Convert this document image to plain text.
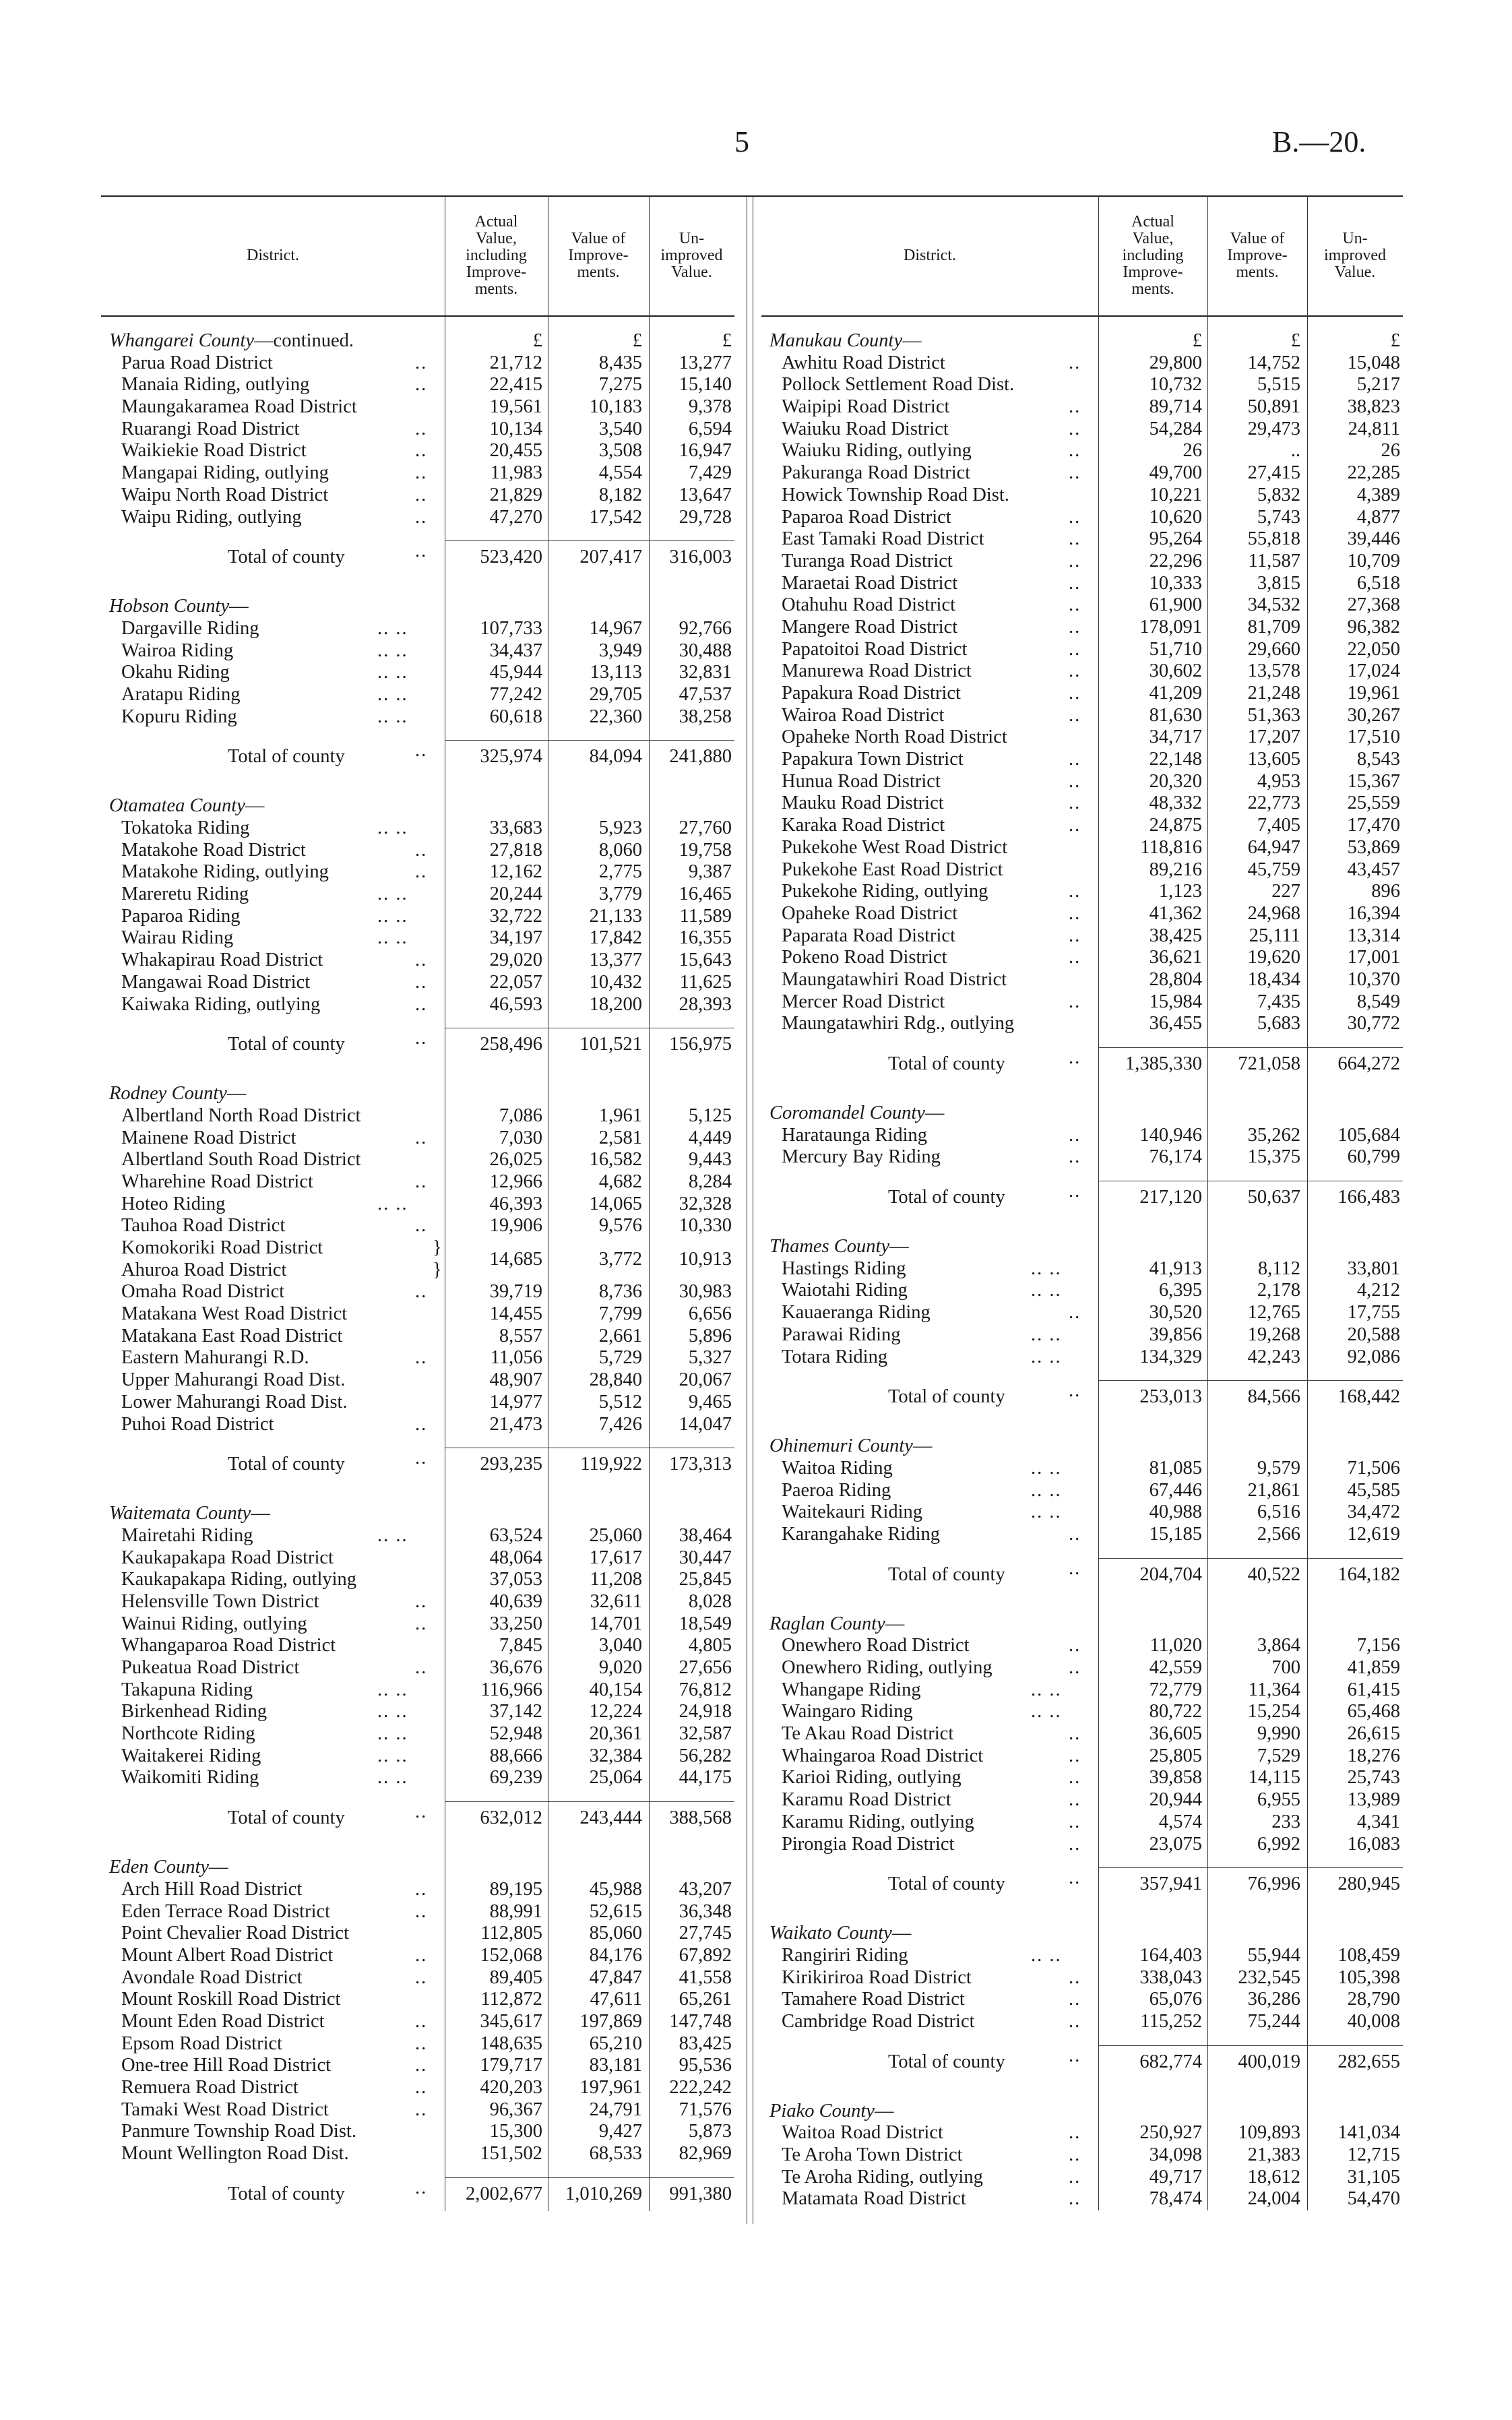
5	B.—20.
District.
Actual
Value,
including
Improve-
ments.
Value of
Improve-
ments.
Un-
improved
Value.
Whangarei County—continued.	£	£	£
Parua Road District	..	21,712	8,435 13,277
Manaia Riding, outlying	..	22,415	7,275 15,140
Maungakaramea Road District	19,561 10,183 9,378
Ruarangi Road District	..	10,134	3,540 6,594
Waikiekie Road District	..	20,455	3,508 16,947
Mangapai Riding, outlying	..	11,983	4,554 7,429
Waipu North Road District	..	21,829	8,182 13,647
Waipu Riding, outlying	..	47,270 17,542 29,728
Total of county	..	523,420 207,417 316,003
Hobson County—
Dargaville Riding	.. ..	107,733 14,967 92,766
Wairoa Riding	.. ..	34,437	3,949 30,488
Okahu Riding	.. ..	45,944 13,113 32,831
Aratapu Riding	.. ..	77,242 29,705 47,537
Kopuru Riding	.. ..	60,618 22,360 38,258
Total of county	..	325,974 84,094 241,880
Otamatea County—
Tokatoka Riding	.. ..	33,683	5,923 27,760
Matakohe Road District	..	27,818	8,060 19,758
Matakohe Riding, outlying	..	12,162	2,775 9,387
Mareretu Riding	.. ..	20,244	3,779 16,465
Paparoa Riding	.. ..	32,722 21,133 11,589
Wairau Riding	.. ..	34,197 17,842 16,355
Whakapirau Road District	..	29,020 13,377 15,643
Mangawai Road District	..	22,057 10,432 11,625
Kaiwaka Riding, outlying	..	46,593 18,200 28,393
Total of county	..	258,496 101,521 156,975
Rodney County—
Albertland North Road District	7,086	1,961 5,125
Mainene Road District	..	7,030	2,581 4,449
Albertland South Road District	26,025 16,582 9,443
Wharehine Road District	..	12,966	4,682 8,284
Hoteo Riding	.. ..	46,393 14,065 32,328
Tauhoa Road District	..	19,906	9,576 10,330
Komokoriki Road District	}
Ahuroa Road District	}
14,685	3,772 10,913
Omaha Road District	..	39,719	8,736 30,983
Matakana West Road District	14,455	7,799 6,656
Matakana East Road District	8,557	2,661 5,896
Eastern Mahurangi R.D.	..	11,056	5,729 5,327
Upper Mahurangi Road Dist.	48,907 28,840 20,067
Lower Mahurangi Road Dist.	14,977	5,512 9,465
Puhoi Road District	..	21,473	7,426 14,047
Total of county	..	293,235 119,922 173,313
Waitemata County—
Mairetahi Riding	.. ..	63,524 25,060 38,464
Kaukapakapa Road District	48,064 17,617 30,447
Kaukapakapa Riding, outlying	37,053 11,208 25,845
Helensville Town District	..	40,639 32,611 8,028
Wainui Riding, outlying	..	33,250 14,701 18,549
Whangaparoa Road District	7,845	3,040 4,805
Pukeatua Road District	..	36,676	9,020 27,656
Takapuna Riding	.. ..	116,966 40,154 76,812
Birkenhead Riding	.. ..	37,142 12,224 24,918
Northcote Riding	.. ..	52,948 20,361 32,587
Waitakerei Riding	.. ..	88,666 32,384 56,282
Waikomiti Riding	.. ..	69,239 25,064 44,175
Total of county	..	632,012 243,444 388,568
Eden County—
Arch Hill Road District	..	89,195 45,988 43,207
Eden Terrace Road District	..	88,991 52,615 36,348
Point Chevalier Road District	112,805 85,060 27,745
Mount Albert Road District	..	152,068 84,176 67,892
Avondale Road District	..	89,405 47,847 41,558
Mount Roskill Road District	112,872 47,611 65,261
Mount Eden Road District	..	345,617 197,869 147,748
Epsom Road District	..	148,635 65,210 83,425
One-tree Hill Road District	..	179,717 83,181 95,536
Remuera Road District	..	420,203 197,961 222,242
Tamaki West Road District	..	96,367 24,791 71,576
Panmure Township Road Dist.	15,300	9,427 5,873
Mount Wellington Road Dist.	151,502 68,533 82,969
Total of county	.. 2,002,677 1,010,269 991,380
District.
Actual
Value,
including
Improve-
ments.
Value of
Improve-
ments.
Un-
improved
Value.
Manukau County—	£	£	£
Awhitu Road District	..	29,800 14,752 15,048
Pollock Settlement Road Dist.	10,732	5,515	5,217
Waipipi Road District	..	89,714 50,891 38,823
Waiuku Road District	..	54,284 29,473 24,811
Waiuku Riding, outlying	..	26	..	26
Pakuranga Road District	..	49,700 27,415 22,285
Howick Township Road Dist.	10,221	5,832	4,389
Paparoa Road District	..	10,620	5,743	4,877
East Tamaki Road District	..	95,264 55,818 39,446
Turanga Road District	..	22,296 11,587 10,709
Maraetai Road District	..	10,333	3,815	6,518
Otahuhu Road District	..	61,900 34,532 27,368
Mangere Road District	..	178,091 81,709 96,382
Papatoitoi Road District	..	51,710 29,660 22,050
Manurewa Road District	..	30,602 13,578 17,024
Papakura Road District	..	41,209 21,248 19,961
Wairoa Road District	..	81,630 51,363 30,267
Opaheke North Road District	34,717 17,207 17,510
Papakura Town District	..	22,148 13,605	8,543
Hunua Road District	..	20,320	4,953 15,367
Mauku Road District	..	48,332 22,773 25,559
Karaka Road District	..	24,875	7,405 17,470
Pukekohe West Road District	118,816 64,947 53,869
Pukekohe East Road District	89,216 45,759 43,457
Pukekohe Riding, outlying	..	1,123	227	896
Opaheke Road District	..	41,362 24,968 16,394
Paparata Road District	..	38,425 25,111 13,314
Pokeno Road District	..	36,621 19,620 17,001
Maungatawhiri Road District	28,804 18,434 10,370
Mercer Road District	..	15,984	7,435	8,549
Maungatawhiri Rdg., outlying	36,455	5,683 30,772
Total of county	.. 1,385,330 721,058 664,272
Coromandel County—
Harataunga Riding	..	140,946 35,262 105,684
Mercury Bay Riding	..	76,174 15,375 60,799
Total of county	..	217,120 50,637 166,483
Thames County—
Hastings Riding	.. ..	41,913	8,112 33,801
Waiotahi Riding	.. ..	6,395	2,178	4,212
Kauaeranga Riding	..	30,520 12,765 17,755
Parawai Riding	.. ..	39,856 19,268 20,588
Totara Riding	.. ..	134,329 42,243 92,086
Total of county	..	253,013 84,566 168,442
Ohinemuri County—
Waitoa Riding	.. ..	81,085	9,579 71,506
Paeroa Riding	.. ..	67,446 21,861 45,585
Waitekauri Riding	.. ..	40,988	6,516 34,472
Karangahake Riding	..	15,185	2,566 12,619
Total of county	..	204,704 40,522 164,182
Raglan County—
Onewhero Road District	..	11,020	3,864	7,156
Onewhero Riding, outlying	..	42,559	700 41,859
Whangape Riding	.. ..	72,779 11,364 61,415
Waingaro Riding	.. ..	80,722 15,254 65,468
Te Akau Road District	..	36,605	9,990 26,615
Whaingaroa Road District	..	25,805	7,529 18,276
Karioi Riding, outlying	..	39,858 14,115 25,743
Karamu Road District	..	20,944	6,955 13,989
Karamu Riding, outlying	..	4,574	233	4,341
Pirongia Road District	..	23,075	6,992 16,083
Total of county	..	357,941 76,996 280,945
Waikato County—
Rangiriri Riding	.. ..	164,403 55,944 108,459
Kirikiriroa Road District	..	338,043 232,545 105,398
Tamahere Road District	..	65,076 36,286 28,790
Cambridge Road District	..	115,252 75,244 40,008
Total of county	..	682,774 400,019 282,655
Piako County—
Waitoa Road District	..	250,927 109,893 141,034
Te Aroha Town District	..	34,098 21,383 12,715
Te Aroha Riding, outlying	..	49,717 18,612 31,105
Matamata Road District	..	78,474 24,004 54,470
